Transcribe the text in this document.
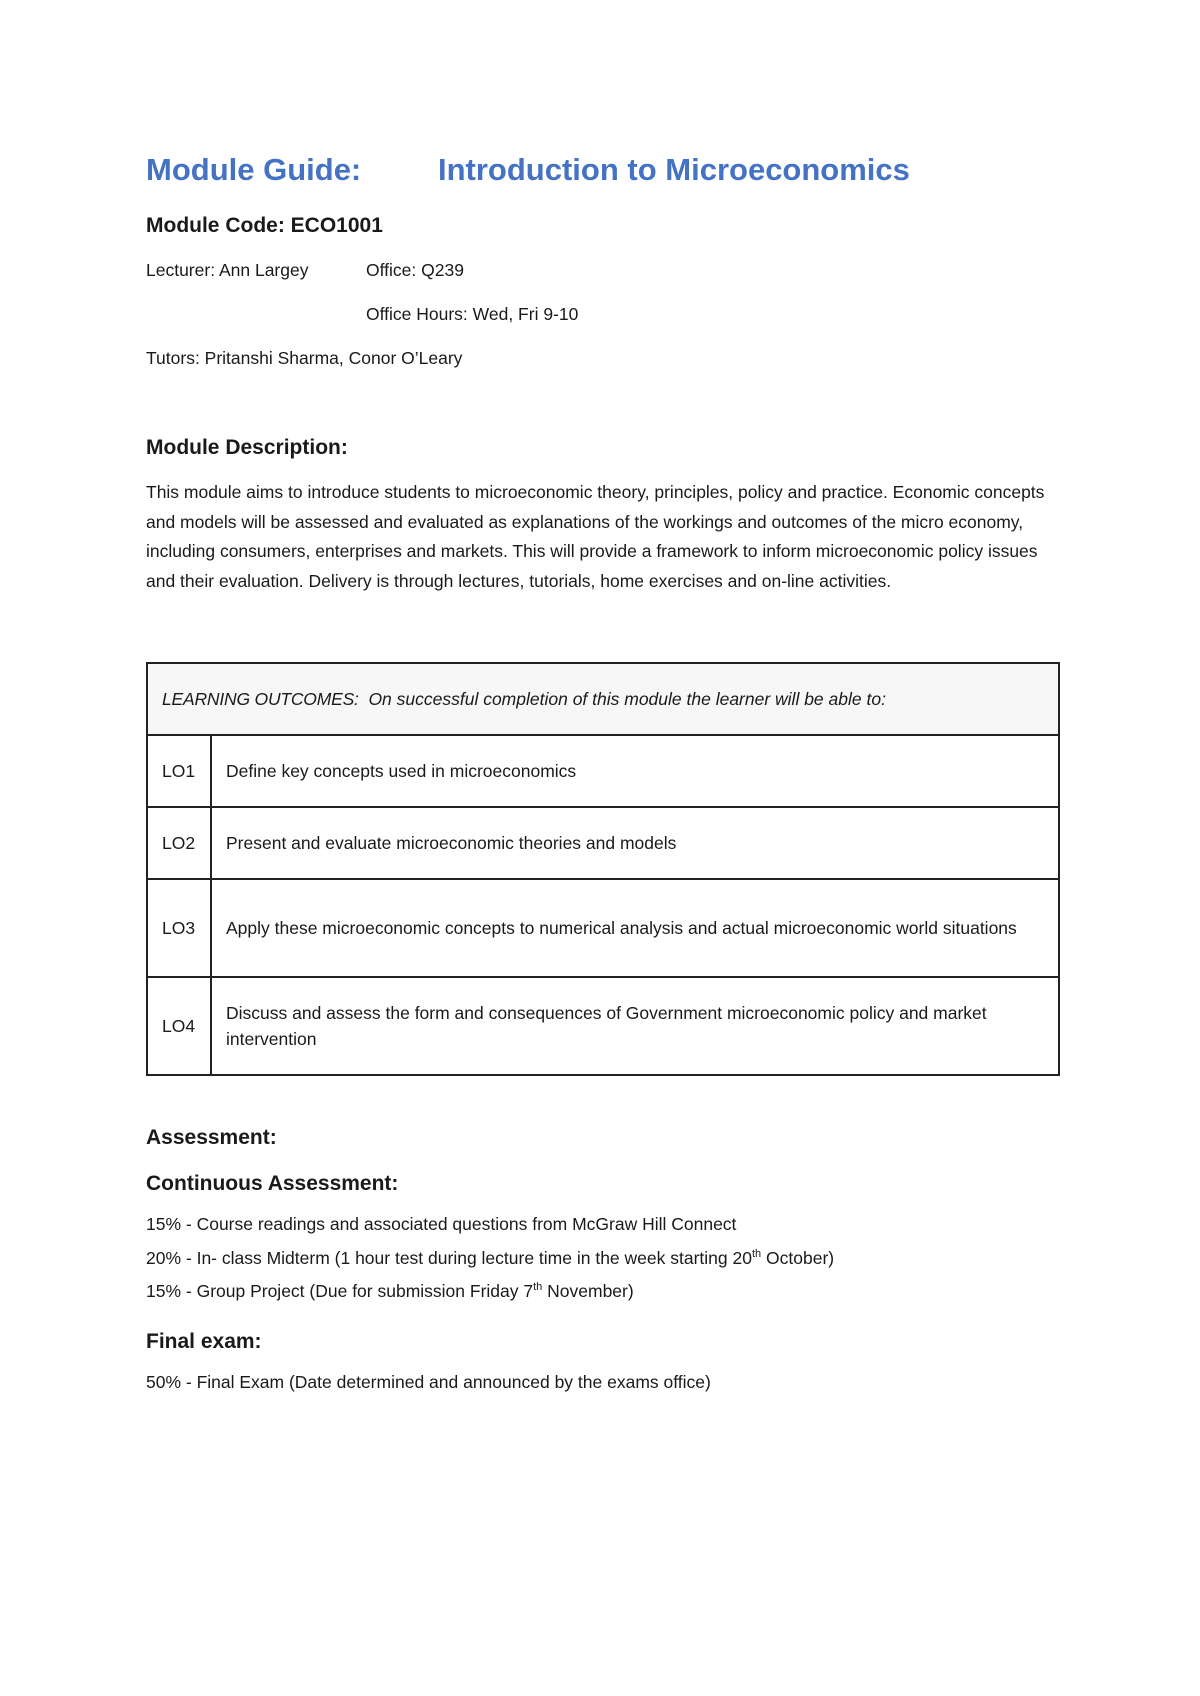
Module Guide:	Introduction to Microeconomics
Module Code: ECO1001
Lecturer: Ann Largey	Office: Q239
Office Hours: Wed, Fri 9-10
Tutors: Pritanshi Sharma, Conor O’Leary
Module Description:
This module aims to introduce students to microeconomic theory, principles, policy and practice. Economic concepts and models will be assessed and evaluated as explanations of the workings and outcomes of the micro economy, including consumers, enterprises and markets. This will provide a framework to inform microeconomic policy issues and their evaluation. Delivery is through lectures, tutorials, home exercises and on-line activities.
LEARNING OUTCOMES: On successful completion of this module the learner will be able to:	
LO1	Define key concepts used in microeconomics
LO2	Present and evaluate microeconomic theories and models
LO3	Apply these microeconomic concepts to numerical analysis and actual microeconomic world situations
LO4	Discuss and assess the form and consequences of Government microeconomic policy and market intervention
Assessment:
Continuous Assessment:
15% - Course readings and associated questions from McGraw Hill Connect
20% - In- class Midterm (1 hour test during lecture time in the week starting 20th October)
15% - Group Project (Due for submission Friday 7th November)
Final exam:
50% - Final Exam (Date determined and announced by the exams office)
